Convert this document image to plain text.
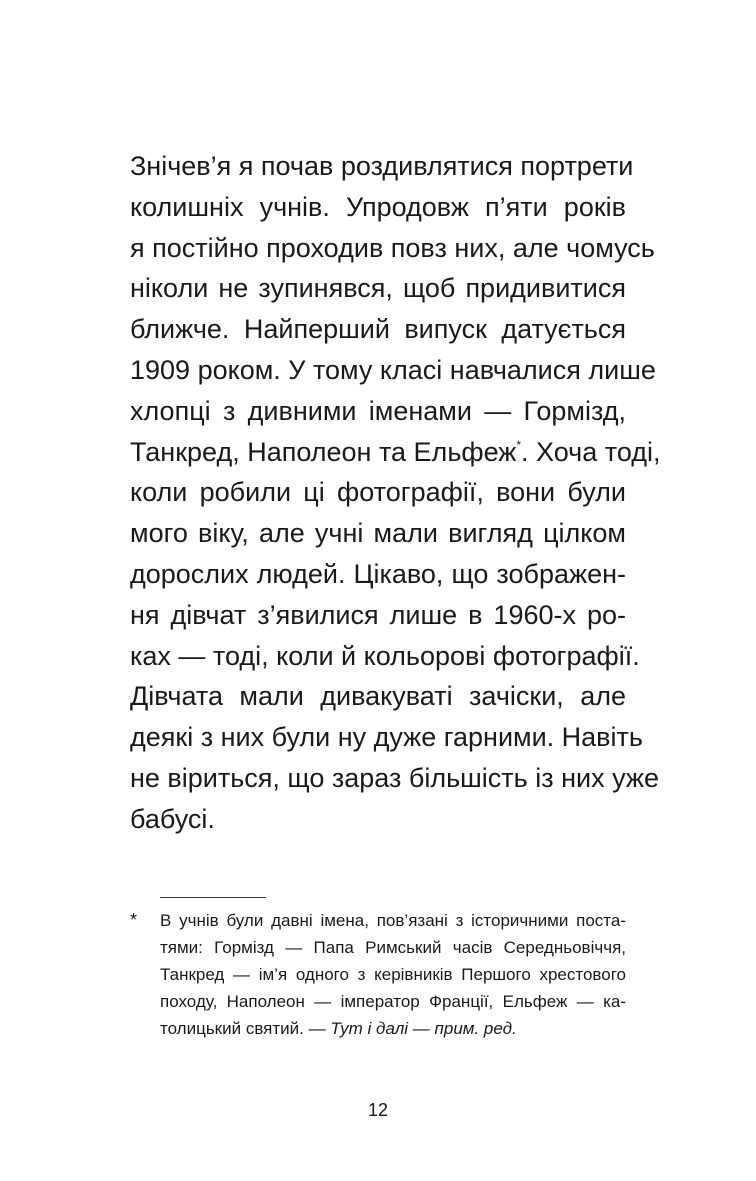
Знічев’я я почав роздивлятися портрети
колишніх учнів. Упродовж п’яти років
я постійно проходив повз них, але чомусь
ніколи не зупинявся, щоб придивитися
ближче. Найперший випуск датується
1909 роком. У тому класі навчалися лише
хлопці з дивними іменами — Гормізд,
Танкред, Наполеон та Ельфеж*. Хоча тоді,
коли робили ці фотографії, вони були
мого віку, але учні мали вигляд цілком
дорослих людей. Цікаво, що зображен-
ня дівчат з’явилися лише в 1960-х ро-
ках — тоді, коли й кольорові фотографії.
Дівчата мали дивакуваті зачіски, але
деякі з них були ну дуже гарними. Навіть
не віриться, що зараз більшість із них уже
бабусі.
* В учнів були давні імена, пов’язані з історичними поста-
тями: Гормізд — Папа Римський часів Середньовіччя,
Танкред — ім’я одного з керівників Першого хрестового
походу, Наполеон — імператор Франції, Ельфеж — ка-
толицький святий. — Тут і далі — прим. ред.
12
